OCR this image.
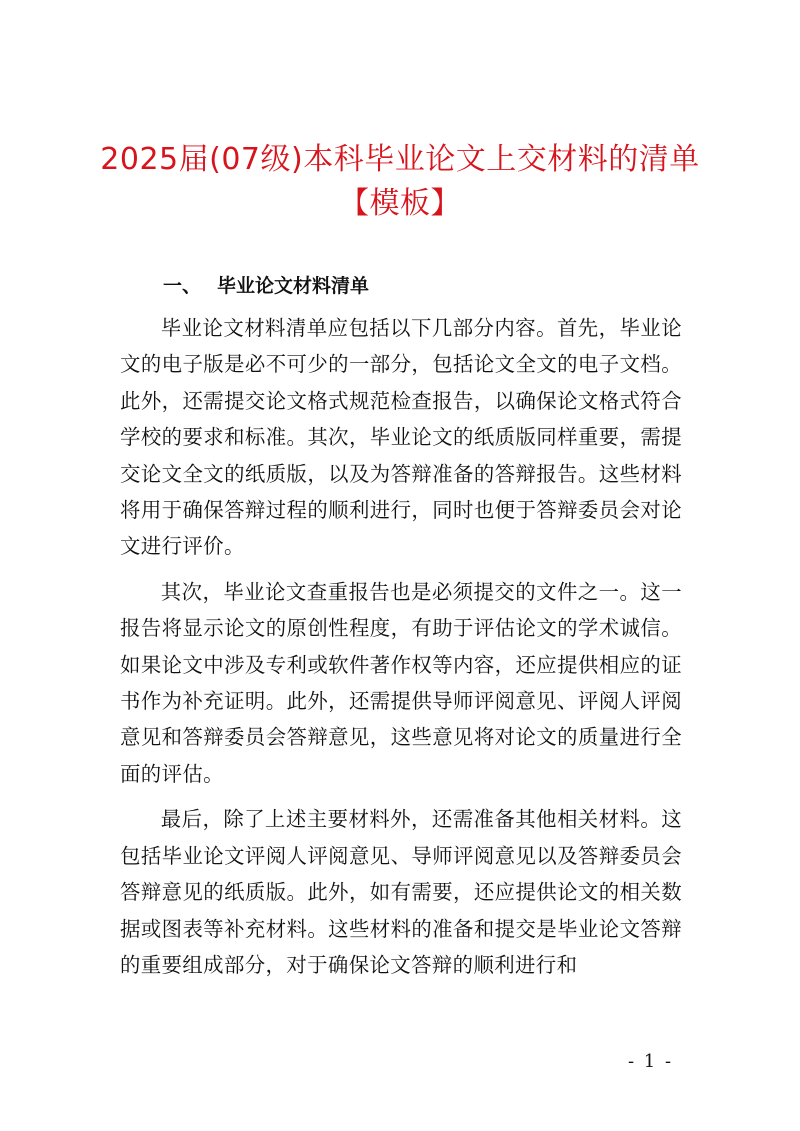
2025届(07级)本科毕业论文上交材料的清单【模板】
一、 毕业论文材料清单

毕业论文材料清单应包括以下几部分内容。首先，毕业论文的电子版是必不可少的一部分，包括论文全文的电子文档。此外，还需提交论文格式规范检查报告，以确保论文格式符合学校的要求和标准。其次，毕业论文的纸质版同样重要，需提交论文全文的纸质版，以及为答辩准备的答辩报告。这些材料将用于确保答辩过程的顺利进行，同时也便于答辩委员会对论文进行评价。

其次，毕业论文查重报告也是必须提交的文件之一。这一报告将显示论文的原创性程度，有助于评估论文的学术诚信。如果论文中涉及专利或软件著作权等内容，还应提供相应的证书作为补充证明。此外，还需提供导师评阅意见、评阅人评阅意见和答辩委员会答辩意见，这些意见将对论文的质量进行全面的评估。

最后，除了上述主要材料外，还需准备其他相关材料。这包括毕业论文评阅人评阅意见、导师评阅意见以及答辩委员会答辩意见的纸质版。此外，如有需要，还应提供论文的相关数据或图表等补充材料。这些材料的准备和提交是毕业论文答辩的重要组成部分，对于确保论文答辩的顺利进行和

- 1 -
